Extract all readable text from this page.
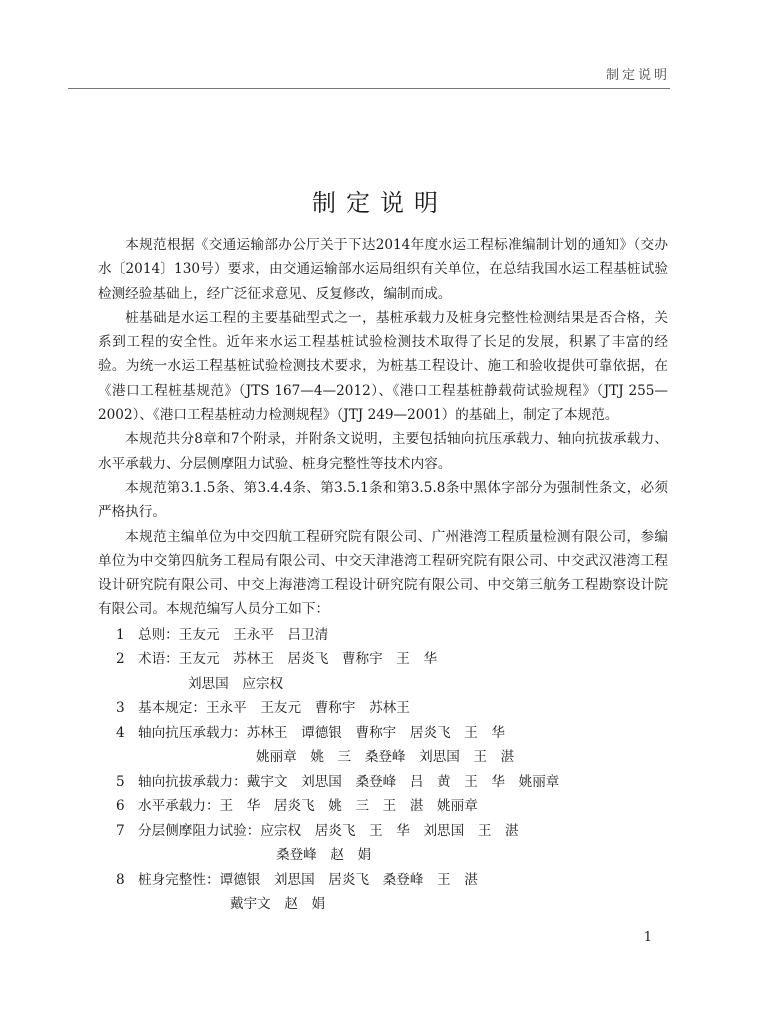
制定说明
制定说明

本规范根据《交通运输部办公厅关于下达2014年度水运工程标准编制计划的通知》（交办水〔2014〕130号）要求，由交通运输部水运局组织有关单位，在总结我国水运工程基桩试验检测经验基础上，经广泛征求意见、反复修改，编制而成。

桩基础是水运工程的主要基础型式之一，基桩承载力及桩身完整性检测结果是否合格，关系到工程的安全性。近年来水运工程基桩试验检测技术取得了长足的发展，积累了丰富的经验。为统一水运工程基桩试验检测技术要求，为桩基工程设计、施工和验收提供可靠依据，在《港口工程桩基规范》（JTS 167—4—2012）、《港口工程基桩静载荷试验规程》（JTJ 255—2002）、《港口工程基桩动力检测规程》（JTJ 249—2001）的基础上，制定了本规范。

本规范共分8章和7个附录，并附条文说明，主要包括轴向抗压承载力、轴向抗拔承载力、水平承载力、分层侧摩阻力试验、桩身完整性等技术内容。

本规范第3.1.5条、第3.4.4条、第3.5.1条和第3.5.8条中黑体字部分为强制性条文，必须严格执行。

本规范主编单位为中交四航工程研究院有限公司、广州港湾工程质量检测有限公司，参编单位为中交第四航务工程局有限公司、中交天津港湾工程研究院有限公司、中交武汉港湾工程设计研究院有限公司、中交上海港湾工程设计研究院有限公司、中交第三航务工程勘察设计院有限公司。本规范编写人员分工如下：

1 总则：王友元　王永平　吕卫清
2 术语：王友元　苏林王　居炎飞　曹称宇　王　华
刘思国　应宗权
3 基本规定：王永平　王友元　曹称宇　苏林王
4 轴向抗压承载力：苏林王　谭德银　曹称宇　居炎飞　王　华
姚丽章　姚　三　桑登峰　刘思国　王　湛
5 轴向抗拔承载力：戴宇文　刘思国　桑登峰　吕　黄　王　华　姚丽章
6 水平承载力：王　华　居炎飞　姚　三　王　湛　姚丽章
7 分层侧摩阻力试验：应宗权　居炎飞　王　华　刘思国　王　湛
桑登峰　赵　娟
8 桩身完整性：谭德银　刘思国　居炎飞　桑登峰　王　湛
戴宇文　赵　娟
1
